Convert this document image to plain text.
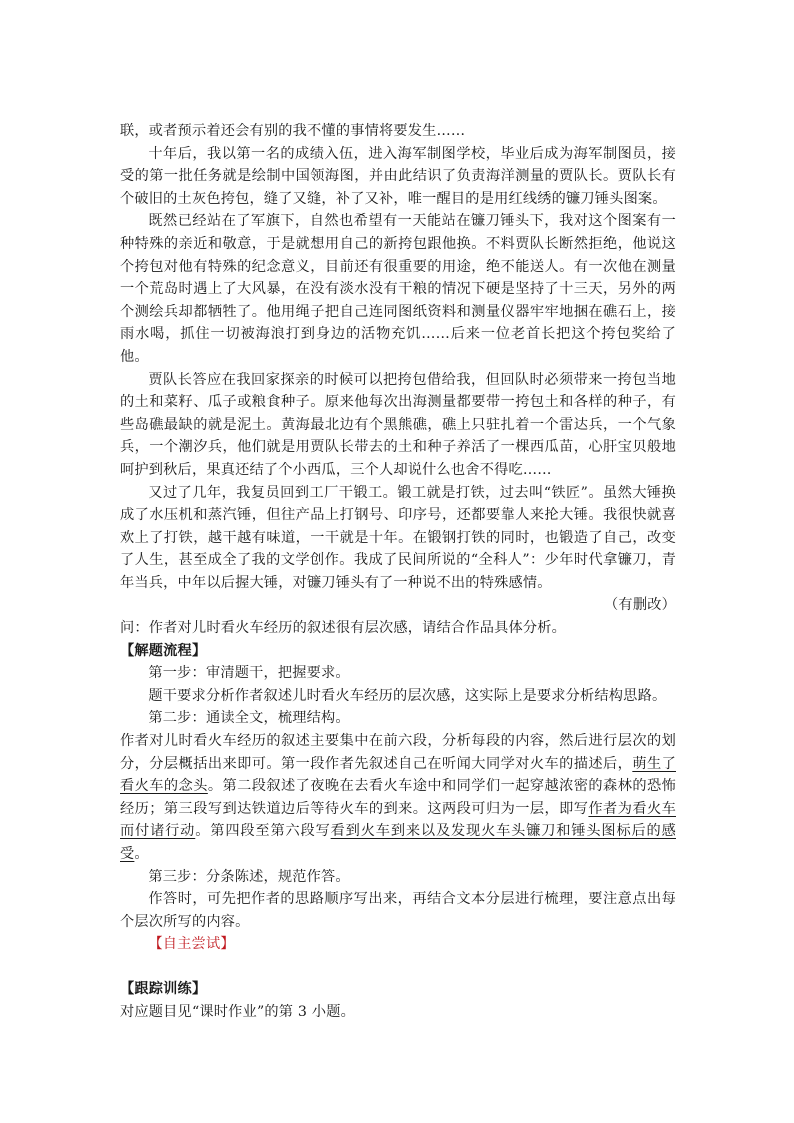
联，或者预示着还会有别的我不懂的事情将要发生……

十年后，我以第一名的成绩入伍，进入海军制图学校，毕业后成为海军制图员，接受的第一批任务就是绘制中国领海图，并由此结识了负责海洋测量的贾队长。贾队长有个破旧的土灰色挎包，缝了又缝，补了又补，唯一醒目的是用红线绣的镰刀锤头图案。

既然已经站在了军旗下，自然也希望有一天能站在镰刀锤头下，我对这个图案有一种特殊的亲近和敬意，于是就想用自己的新挎包跟他换。不料贾队长断然拒绝，他说这个挎包对他有特殊的纪念意义，目前还有很重要的用途，绝不能送人。有一次他在测量一个荒岛时遇上了大风暴，在没有淡水没有干粮的情况下硬是坚持了十三天，另外的两个测绘兵却都牺牲了。他用绳子把自己连同图纸资料和测量仪器牢牢地捆在礁石上，接雨水喝，抓住一切被海浪打到身边的活物充饥……后来一位老首长把这个挎包奖给了他。

贾队长答应在我回家探亲的时候可以把挎包借给我，但回队时必须带来一挎包当地的土和菜籽、瓜子或粮食种子。原来他每次出海测量都要带一挎包土和各样的种子，有些岛礁最缺的就是泥土。黄海最北边有个黑熊礁，礁上只驻扎着一个雷达兵，一个气象兵，一个潮汐兵，他们就是用贾队长带去的土和种子养活了一棵西瓜苗，心肝宝贝般地呵护到秋后，果真还结了个小西瓜，三个人却说什么也舍不得吃……

又过了几年，我复员回到工厂干锻工。锻工就是打铁，过去叫“铁匠”。虽然大锤换成了水压机和蒸汽锤，但往产品上打钢号、印序号，还都要靠人来抡大锤。我很快就喜欢上了打铁，越干越有味道，一干就是十年。在锻钢打铁的同时，也锻造了自己，改变了人生，甚至成全了我的文学创作。我成了民间所说的“全科人”：少年时代拿镰刀，青年当兵，中年以后握大锤，对镰刀锤头有了一种说不出的特殊感情。

（有删改）

问：作者对儿时看火车经历的叙述很有层次感，请结合作品具体分析。

【解题流程】

第一步：审清题干，把握要求。

题干要求分析作者叙述儿时看火车经历的层次感，这实际上是要求分析结构思路。

第二步：通读全文，梳理结构。

作者对儿时看火车经历的叙述主要集中在前六段，分析每段的内容，然后进行层次的划分，分层概括出来即可。第一段作者先叙述自己在听闻大同学对火车的描述后，萌生了看火车的念头。第二段叙述了夜晚在去看火车途中和同学们一起穿越浓密的森林的恐怖经历；第三段写到达铁道边后等待火车的到来。这两段可归为一层，即写作者为看火车而付诸行动。第四段至第六段写看到火车到来以及发现火车头镰刀和锤头图标后的感受。

第三步：分条陈述，规范作答。

作答时，可先把作者的思路顺序写出来，再结合文本分层进行梳理，要注意点出每个层次所写的内容。

【自主尝试】

【跟踪训练】

对应题目见“课时作业”的第 3 小题。
